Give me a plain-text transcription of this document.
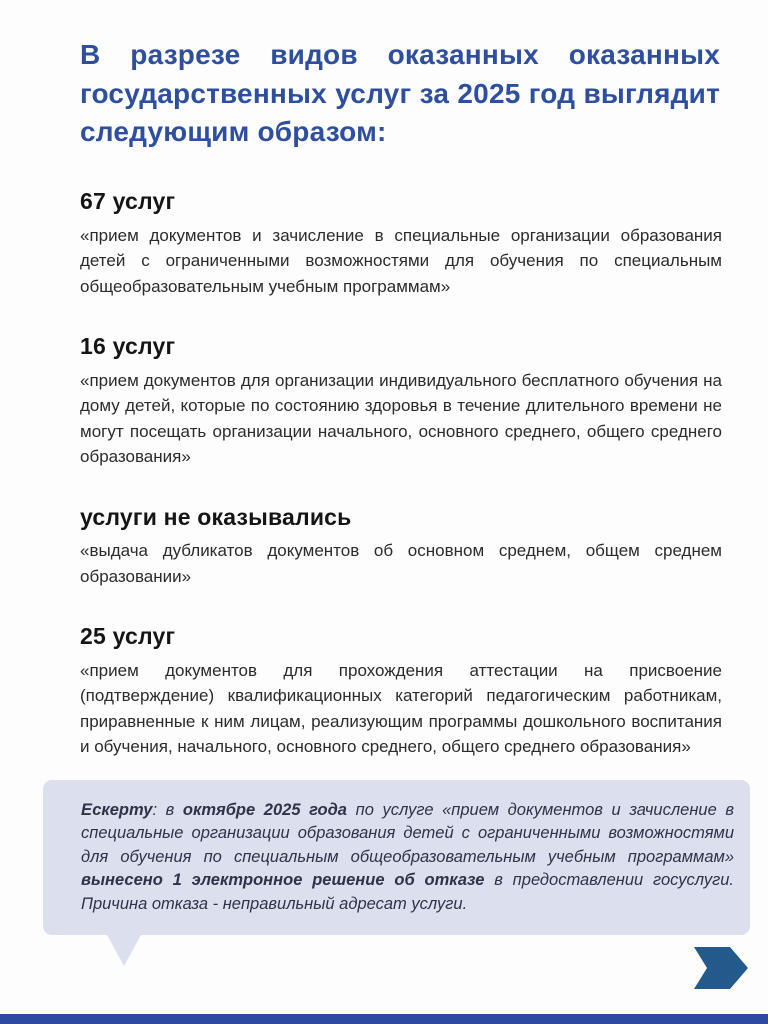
В разрезе видов оказанных оказанных государственных услуг за 2025 год выглядит следующим образом:
67 услуг

«прием документов и зачисление в специальные организации образования детей с ограниченными возможностями для обучения по специальным общеобразовательным учебным программам»

16 услуг

«прием документов для организации индивидуального бесплатного обучения на дому детей, которые по состоянию здоровья в течение длительного времени не могут посещать организации начального, основного среднего, общего среднего образования»

услуги не оказывались

«выдача дубликатов документов об основном среднем, общем среднем образовании»

25 услуг

«прием документов для прохождения аттестации на присвоение (подтверждение) квалификационных категорий педагогическим работникам, приравненные к ним лицам, реализующим программы дошкольного воспитания и обучения, начального, основного среднего, общего среднего образования»

Ескерту: в октябре 2025 года по услуге «прием документов и зачисление в специальные организации образования детей с ограниченными возможностями для обучения по специальным общеобразовательным учебным программам» вынесено 1 электронное решение об отказе в предоставлении госуслуги. Причина отказа - неправильный адресат услуги.
